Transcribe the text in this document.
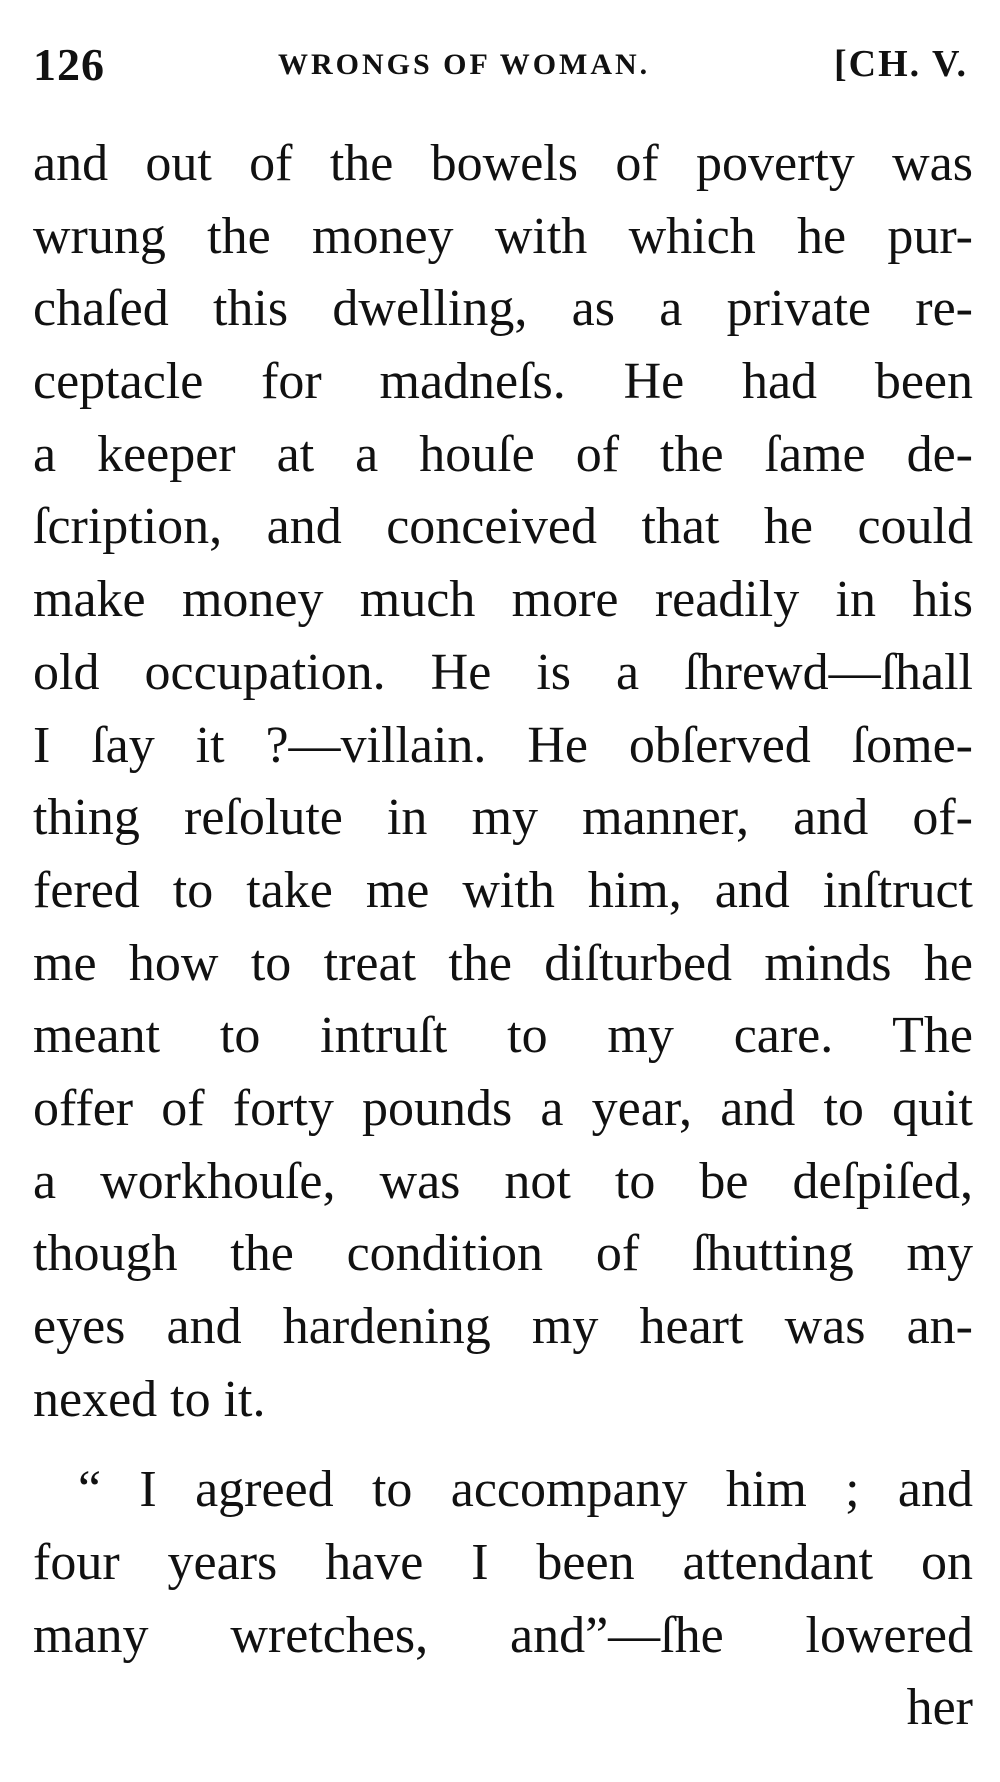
126	WRONGS OF WOMAN.	[CH. V.
and out of the bowels of poverty was
wrung the money with which he pur-
chaſed this dwelling, as a private re-
ceptacle for madneſs. He had been
a keeper at a houſe of the ſame de-
ſcription, and conceived that he could
make money much more readily in his
old occupation. He is a ſhrewd—ſhall
I ſay it ?—villain. He obſerved ſome-
thing reſolute in my manner, and of-
fered to take me with him, and inſtruct
me how to treat the diſturbed minds he
meant to intruſt to my care. The
offer of forty pounds a year, and to quit
a workhouſe, was not to be deſpiſed,
though the condition of ſhutting my
eyes and hardening my heart was an-
nexed to it.
“ I agreed to accompany him ; and
four years have I been attendant on
many wretches, and”—ſhe lowered
her
